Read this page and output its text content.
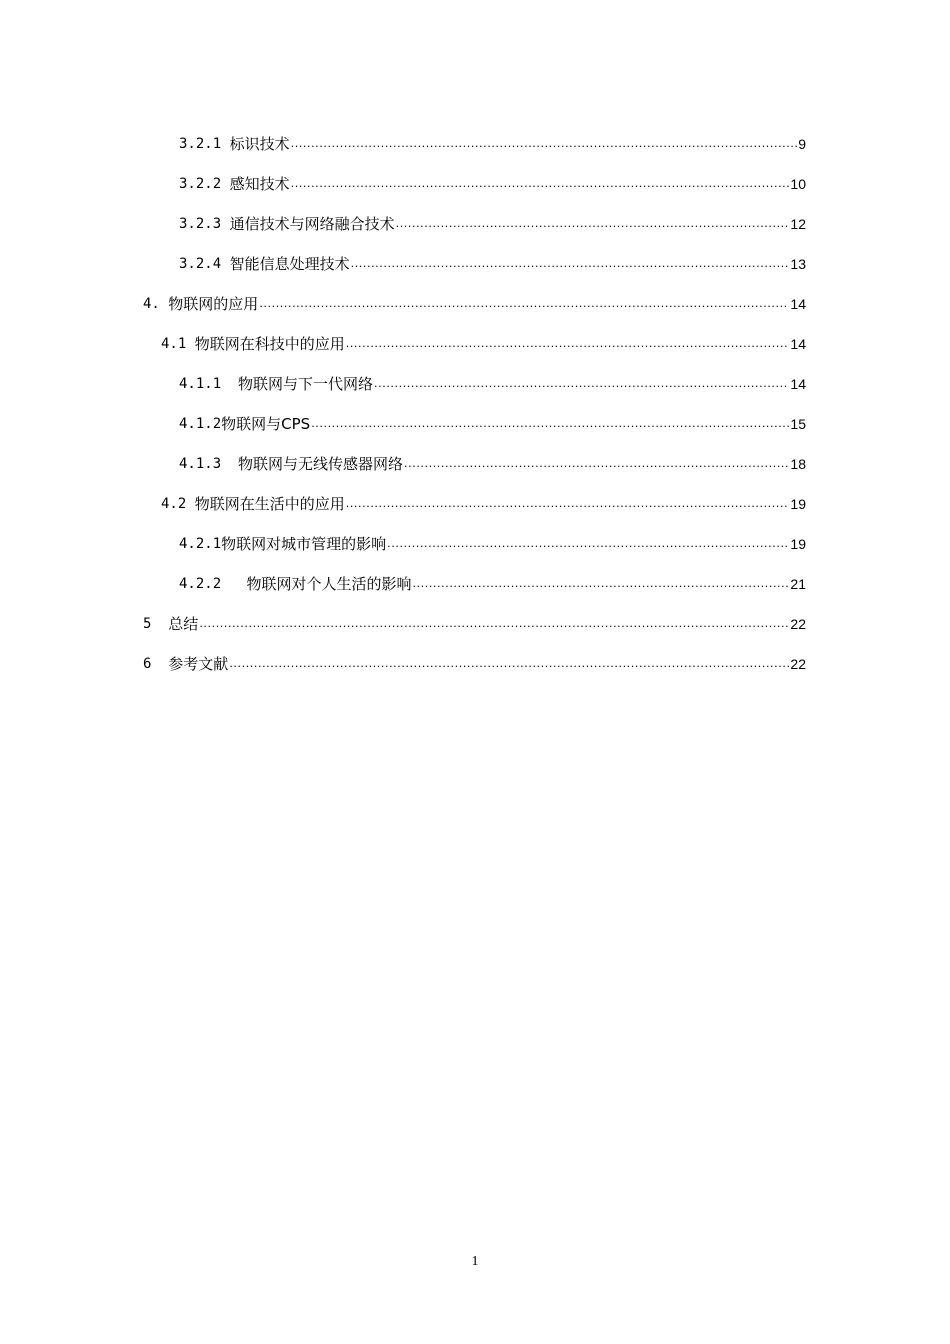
3.2.1 标识技术 .....	9
3.2.2 感知技术 .....	10
3.2.3 通信技术与网络融合技术 .....	12
3.2.4 智能信息处理技术 .....	13
4. 物联网的应用 .....	14
4.1 物联网在科技中的应用 .....	14
4.1.1 物联网与下一代网络 .....	14
4.1.2 物联网与CPS .....	15
4.1.3 物联网与无线传感器网络 .....	18
4.2 物联网在生活中的应用 .....	19
4.2.1 物联网对城市管理的影响 .....	19
4.2.2 物联网对个人生活的影响 .....	21
5 总结 .....	22
6 参考文献 .....	22
1
